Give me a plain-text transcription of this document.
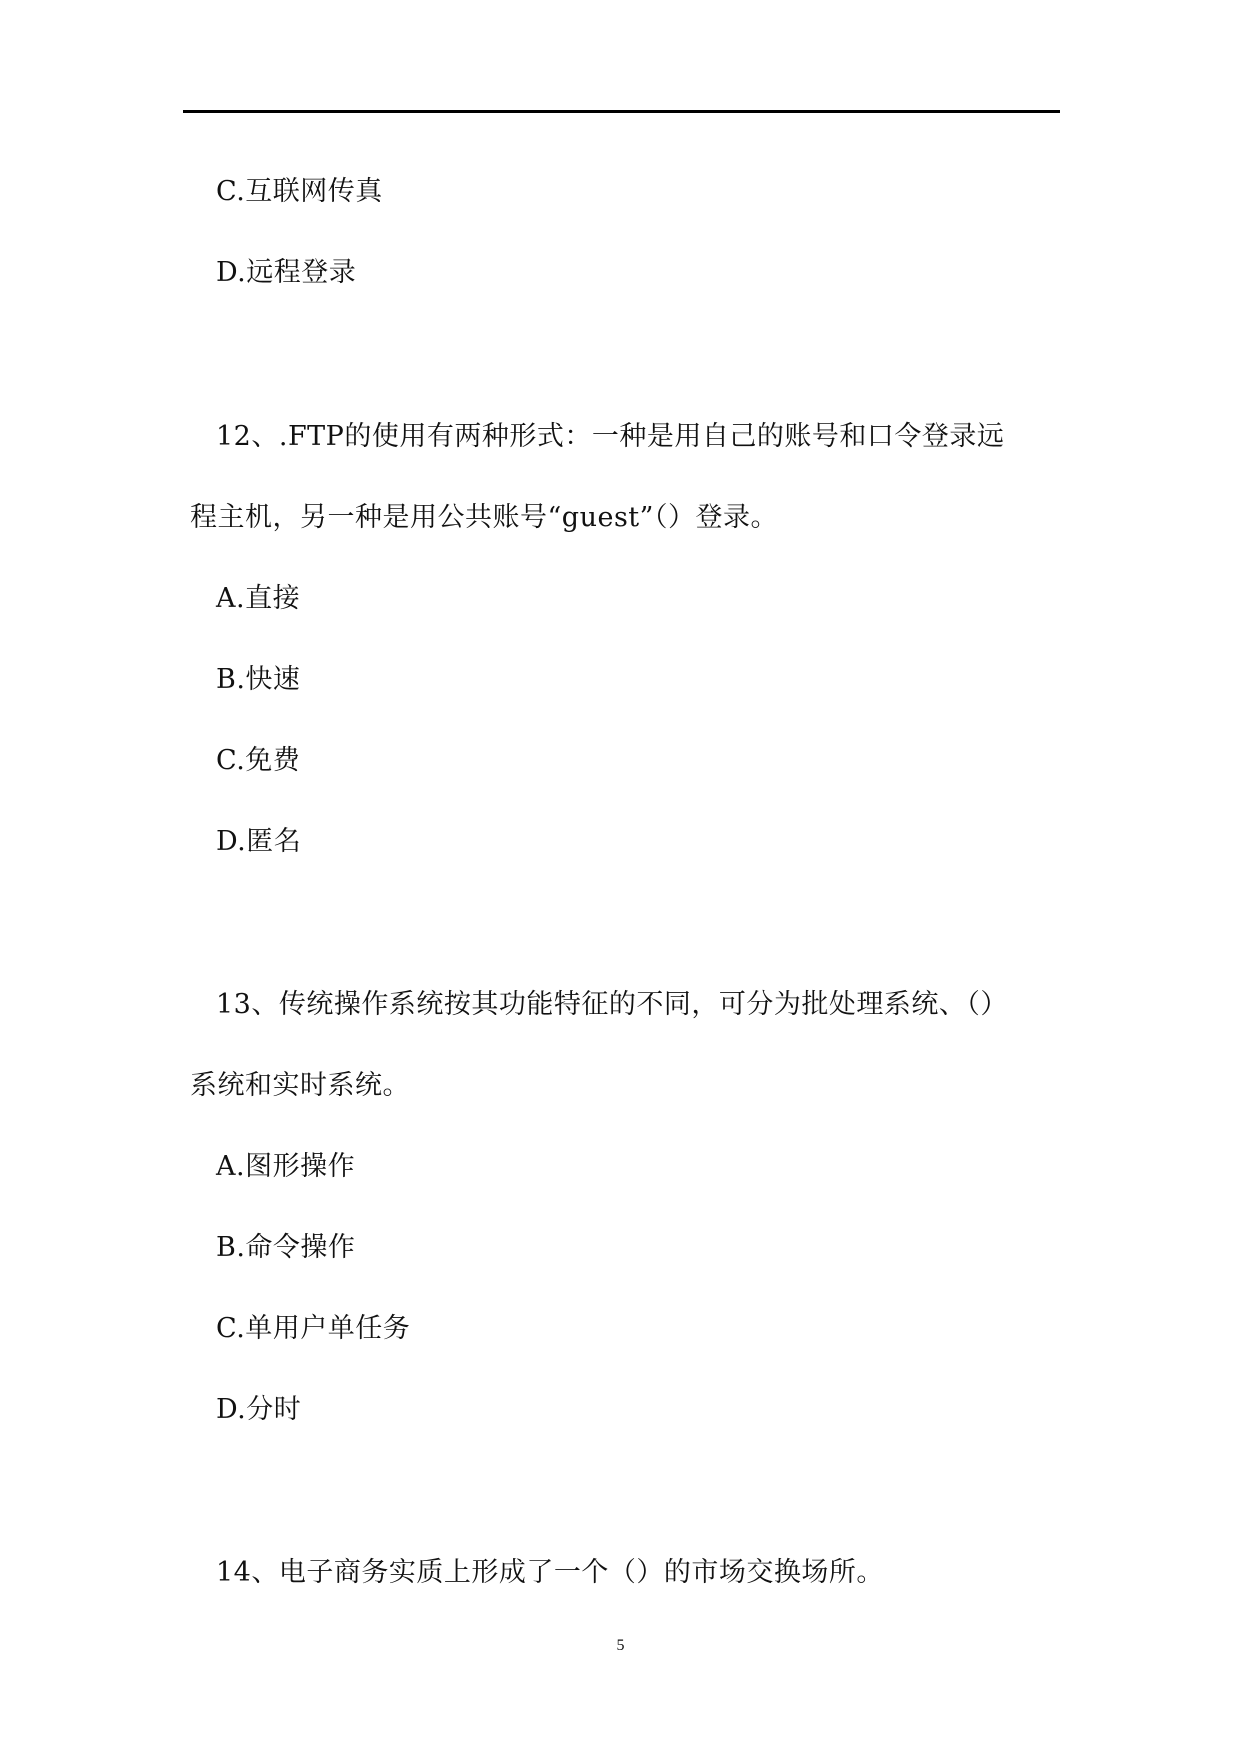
C.互联网传真
D.远程登录
12、.FTP的使用有两种形式：一种是用自己的账号和口令登录远
程主机，另一种是用公共账号“guest”（）登录。
A.直接
B.快速
C.免费
D.匿名
13、传统操作系统按其功能特征的不同，可分为批处理系统、（）
系统和实时系统。
A.图形操作
B.命令操作
C.单用户单任务
D.分时
14、电子商务实质上形成了一个（）的市场交换场所。
5
